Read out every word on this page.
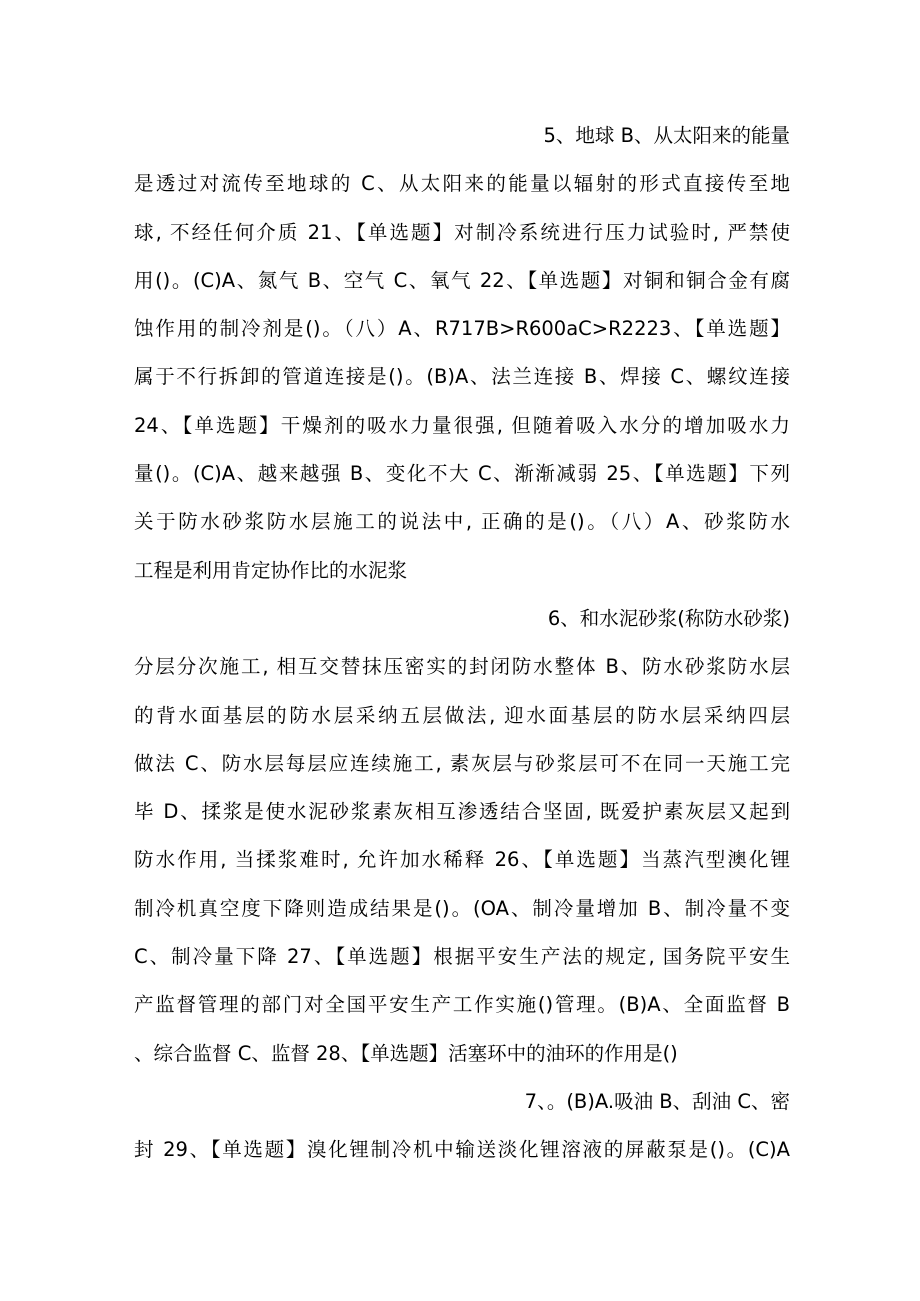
5、地球 B、从太阳来的能量
是透过对流传至地球的 C、从太阳来的能量以辐射的形式直接传至地
球, 不经任何介质 21、【单选题】对制冷系统进行压力试验时, 严禁使
用()。(C)A、氮气 B、空气 C、氧气 22、【单选题】对铜和铜合金有腐
蚀作用的制冷剂是()。（八）A、R717B>R600aC>R2223、【单选题】
属于不行拆卸的管道连接是()。(B)A、法兰连接 B、焊接 C、螺纹连接
24、【单选题】干燥剂的吸水力量很强, 但随着吸入水分的增加吸水力
量()。(C)A、越来越强 B、变化不大 C、渐渐减弱 25、【单选题】下列
关于防水砂浆防水层施工的说法中, 正确的是()。（八）A、砂浆防水
工程是利用肯定协作比的水泥浆
6、和水泥砂浆(称防水砂浆)
分层分次施工, 相互交替抹压密实的封闭防水整体 B、防水砂浆防水层
的背水面基层的防水层采纳五层做法, 迎水面基层的防水层采纳四层
做法 C、防水层每层应连续施工, 素灰层与砂浆层可不在同一天施工完
毕 D、揉浆是使水泥砂浆素灰相互渗透结合坚固, 既爱护素灰层又起到
防水作用, 当揉浆难时, 允许加水稀释 26、【单选题】当蒸汽型澳化锂
制冷机真空度下降则造成结果是()。(OA、制冷量增加 B、制冷量不变
C、制冷量下降 27、【单选题】根据平安生产法的规定, 国务院平安生
产监督管理的部门对全国平安生产工作实施()管理。(B)A、全面监督 B
、综合监督 C、监督 28、【单选题】活塞环中的油环的作用是()
7、。(B)A.吸油 B、刮油 C、密
封 29、【单选题】溴化锂制冷机中输送淡化锂溶液的屏蔽泵是()。(C)A
